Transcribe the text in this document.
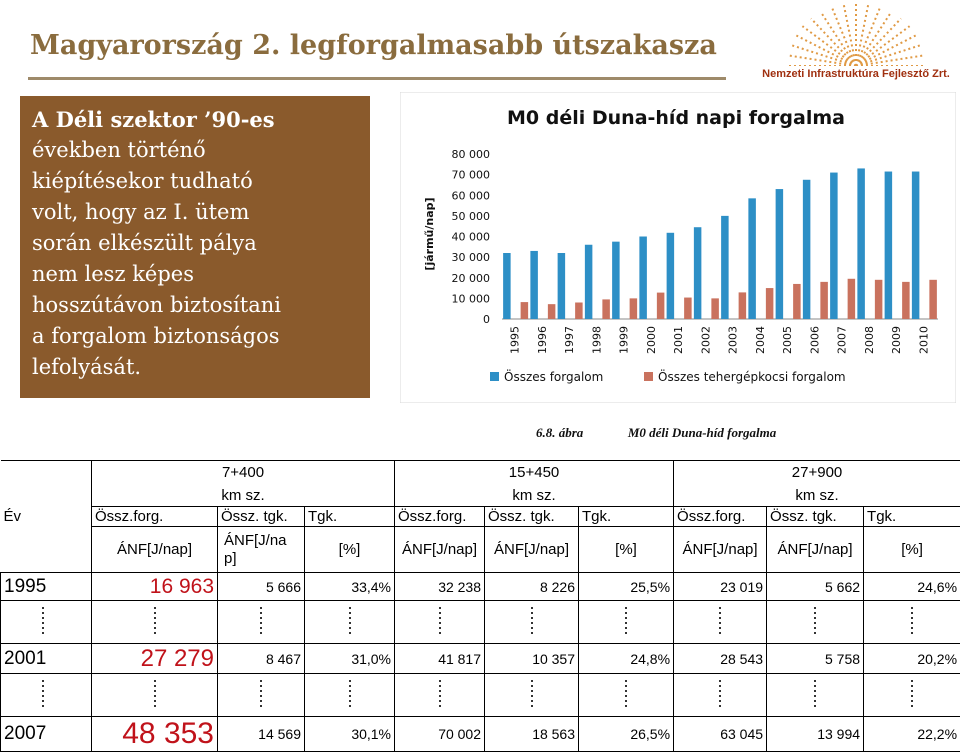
Magyarország 2. legforgalmasabb útszakasza
Nemzeti Infrastruktúra Fejlesztő Zrt.
A Déli szektor ’90-es
években történő
kiépítésekor tudható
volt, hogy az I. ütem
során elkészült pálya
nem lesz képes
hosszútávon biztosítani
a forgalom biztonságos
lefolyását.
M0 déli Duna-híd napi forgalma
[jármű/nap]
0
10 000
20 000
30 000
40 000
50 000
60 000
70 000
80 000
1995 1996 1997 1998 1999 2000 2001 2002 2003 2004 2005 2006 2007 2008 2009 2010
Összes forgalom	Összes tehergépkocsi forgalom
6.8. ábra	M0 déli Duna-híd forgalma
Év	7+400			15+450			27+900		
	km sz.			km sz.			km sz.		
	Össz.forg.	Össz. tgk.	Tgk.	Össz.forg.	Össz. tgk.	Tgk.	Össz.forg.	Össz. tgk.	Tgk.
	ÁNF[J/nap]	ÁNF[J/na p]	[%]	ÁNF[J/nap]	ÁNF[J/nap]	[%]	ÁNF[J/nap]	ÁNF[J/nap]	[%]
1995	16 963	5 666	33,4%	32 238	8 226	25,5%	23 019	5 662	24,6%

2001	27 279	8 467	31,0%	41 817	10 357	24,8%	28 543	5 758	20,2%

2007	48 353	14 569	30,1%	70 002	18 563	26,5%	63 045	13 994	22,2%
